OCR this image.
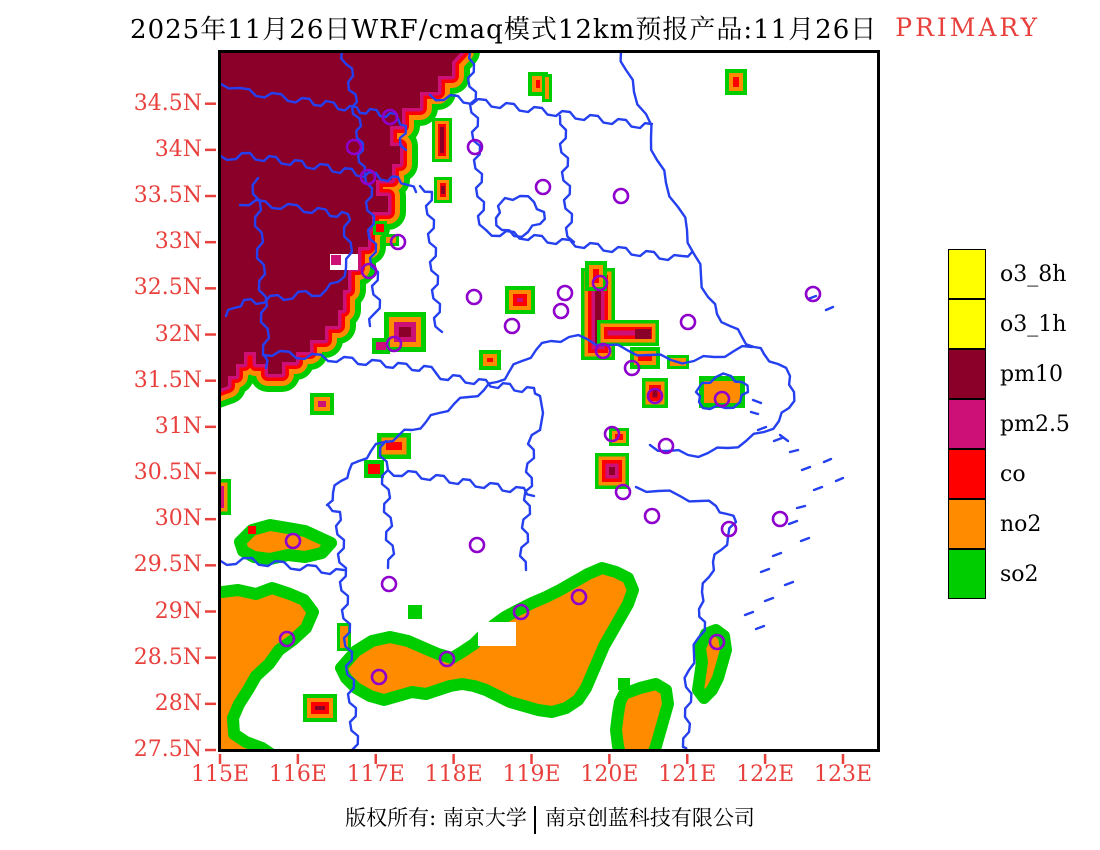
2025年11月26日WRF/cmaq模式12km预报产品:11月26日 PRIMARY
34.5N
34N
33.5N
33N
32.5N
32N
31.5N
31N
30.5N
30N
29.5N
29N
28.5N
28N
27.5N
115E 116E 117E 118E 119E 120E 121E 122E 123E
o3_8h
o3_1h
pm10
pm2.5
co
no2
so2
版权所有: 南京大学 南京创蓝科技有限公司
